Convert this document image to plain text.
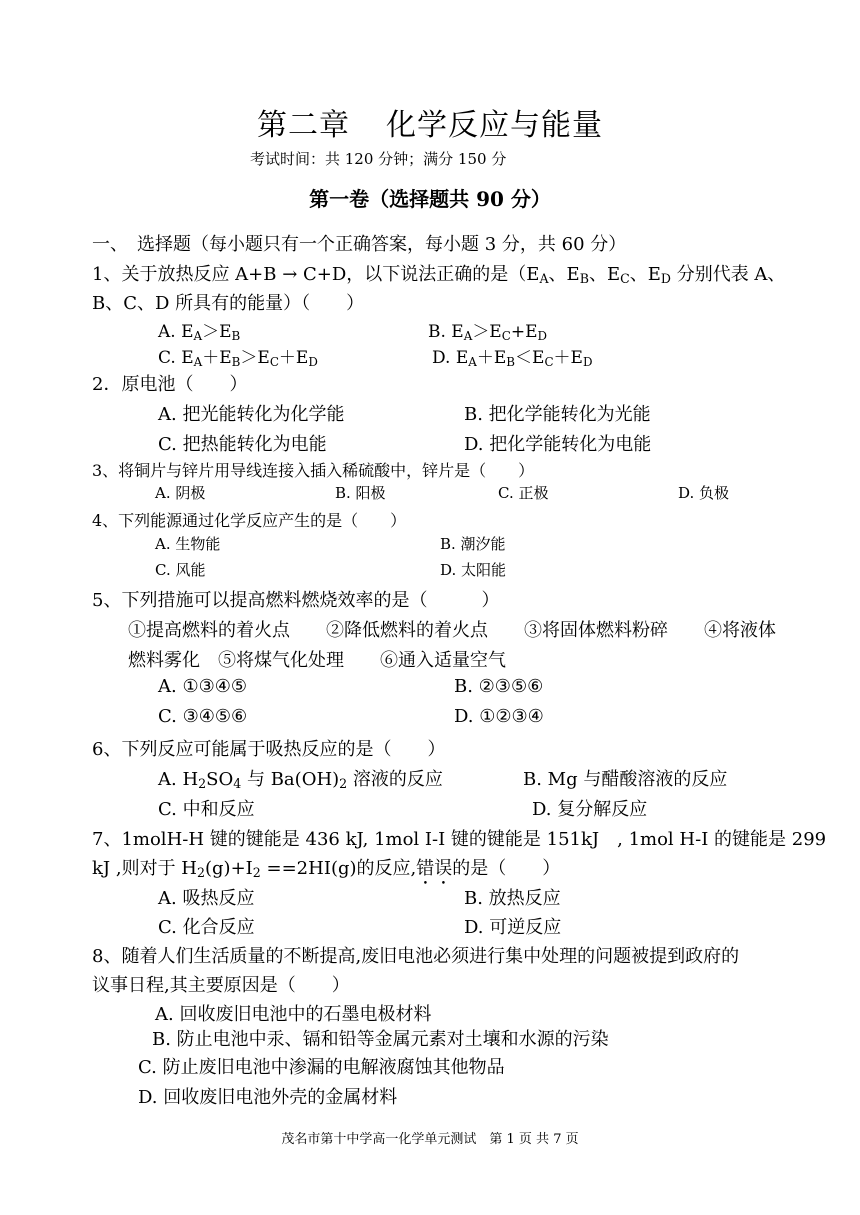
第二章 化学反应与能量
考试时间：共 120 分钟；满分 150 分
第一卷（选择题共 90 分）
一、　选择题（每小题只有一个正确答案，每小题 3 分，共 60 分）
1、关于放热反应 A+B → C+D，以下说法正确的是（$E_A$、$E_B$、$E_C$、$E_D$ 分别代表 A、
B、C、D 所具有的能量）（　　）
A. $E_A>E_B$	B. $E_A>E_C+E_D$
C. $E_A+E_B>E_C+E_D$	D. $E_A+E_B<E_C+E_D$
2．原电池（　　）
A. 把光能转化为化学能	B. 把化学能转化为光能
C. 把热能转化为电能	D. 把化学能转化为电能
3、将铜片与锌片用导线连接入插入稀硫酸中，锌片是（　　）
A. 阴极	B. 阳极	C. 正极	D. 负极
4、下列能源通过化学反应产生的是（　　）
A. 生物能	B. 潮汐能
C. 风能	D. 太阳能
5、下列措施可以提高燃料燃烧效率的是（　　　）
①提高燃料的着火点　　②降低燃料的着火点　　③将固体燃料粉碎　　④将液体
燃料雾化　⑤将煤气化处理　　⑥通入适量空气
A. ①③④⑤	B. ②③⑤⑥
C. ③④⑤⑥	D. ①②③④
6、下列反应可能属于吸热反应的是（　　）
A. $H_2SO_4$ 与 $Ba(OH)_2$ 溶液的反应	B. Mg 与醋酸溶液的反应
C. 中和反应	D. 复分解反应
7、1molH-H 键的键能是 436 kJ, 1mol I-I 键的键能是 151kJ　, 1mol H-I 的键能是 299
kJ ,则对于 $H_2(g)+I_2 ==2HI(g)$的反应,错误的是（　　）
A. 吸热反应	B. 放热反应
C. 化合反应	D. 可逆反应
8、随着人们生活质量的不断提高,废旧电池必须进行集中处理的问题被提到政府的
议事日程,其主要原因是（　　）
A. 回收废旧电池中的石墨电极材料
B. 防止电池中汞、镉和铅等金属元素对土壤和水源的污染
C. 防止废旧电池中渗漏的电解液腐蚀其他物品
D. 回收废旧电池外壳的金属材料
茂名市第十中学高一化学单元测试　第 1 页 共 7 页
